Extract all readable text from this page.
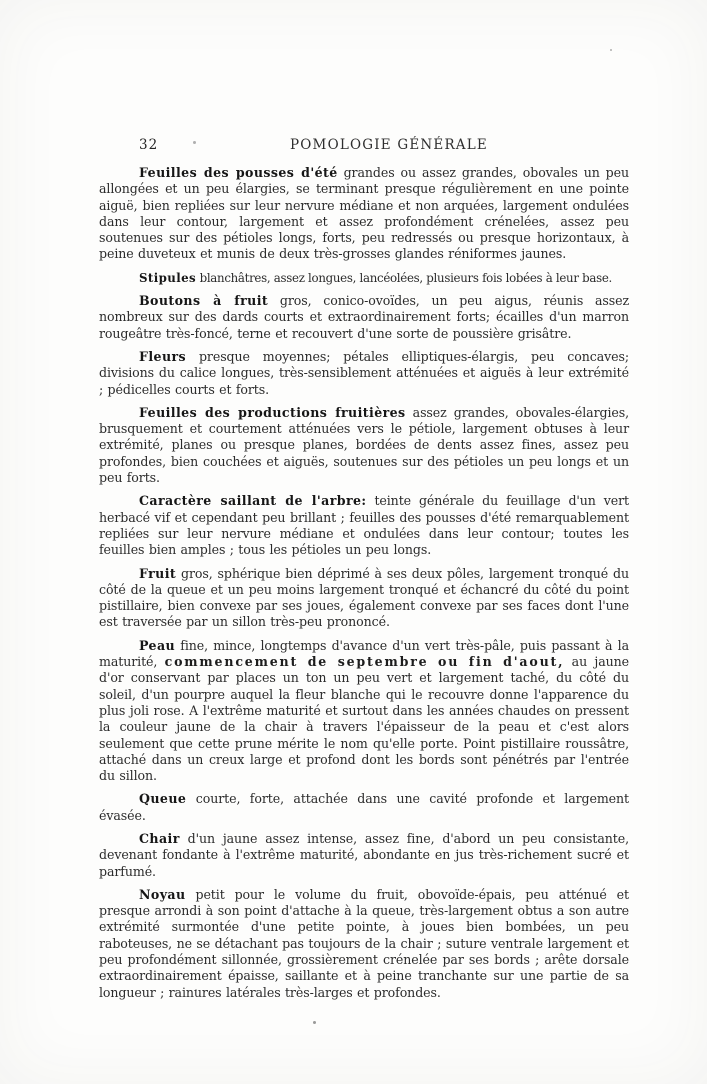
32	POMOLOGIE GÉNÉRALE

Feuilles des pousses d'été grandes ou assez grandes, obovales un peu allongées et un peu élargies, se terminant presque régulièrement en une pointe aiguë, bien repliées sur leur nervure médiane et non arquées, largement ondulées dans leur contour, largement et assez profondément crénelées, assez peu soutenues sur des pétioles longs, forts, peu redressés ou presque horizontaux, à peine duveteux et munis de deux très-grosses glandes réniformes jaunes.

Stipules blanchâtres, assez longues, lancéolées, plusieurs fois lobées à leur base.

Boutons à fruit gros, conico-ovoïdes, un peu aigus, réunis assez nombreux sur des dards courts et extraordinairement forts; écailles d'un marron rougeâtre très-foncé, terne et recouvert d'une sorte de poussière grisâtre.

Fleurs presque moyennes; pétales elliptiques-élargis, peu concaves; divisions du calice longues, très-sensiblement atténuées et aiguës à leur extrémité ; pédicelles courts et forts.

Feuilles des productions fruitières assez grandes, obovales-élargies, brusquement et courtement atténuées vers le pétiole, largement obtuses à leur extrémité, planes ou presque planes, bordées de dents assez fines, assez peu profondes, bien couchées et aiguës, soutenues sur des pétioles un peu longs et un peu forts.

Caractère saillant de l'arbre: teinte générale du feuillage d'un vert herbacé vif et cependant peu brillant ; feuilles des pousses d'été remarquablement repliées sur leur nervure médiane et ondulées dans leur contour; toutes les feuilles bien amples ; tous les pétioles un peu longs.

Fruit gros, sphérique bien déprimé à ses deux pôles, largement tronqué du côté de la queue et un peu moins largement tronqué et échancré du côté du point pistillaire, bien convexe par ses joues, également convexe par ses faces dont l'une est traversée par un sillon très-peu prononcé.

Peau fine, mince, longtemps d'avance d'un vert très-pâle, puis passant à la maturité, commencement de septembre ou fin d'aout, au jaune d'or conservant par places un ton un peu vert et largement taché, du côté du soleil, d'un pourpre auquel la fleur blanche qui le recouvre donne l'apparence du plus joli rose. A l'extrême maturité et surtout dans les années chaudes on pressent la couleur jaune de la chair à travers l'épaisseur de la peau et c'est alors seulement que cette prune mérite le nom qu'elle porte. Point pistillaire roussâtre, attaché dans un creux large et profond dont les bords sont pénétrés par l'entrée du sillon.

Queue courte, forte, attachée dans une cavité profonde et largement évasée.

Chair d'un jaune assez intense, assez fine, d'abord un peu consistante, devenant fondante à l'extrême maturité, abondante en jus très-richement sucré et parfumé.

Noyau petit pour le volume du fruit, obovoïde-épais, peu atténué et presque arrondi à son point d'attache à la queue, très-largement obtus a son autre extrémité surmontée d'une petite pointe, à joues bien bombées, un peu raboteuses, ne se détachant pas toujours de la chair ; suture ventrale largement et peu profondément sillonnée, grossièrement crénelée par ses bords ; arête dorsale extraordinairement épaisse, saillante et à peine tranchante sur une partie de sa longueur ; rainures latérales très-larges et profondes.
